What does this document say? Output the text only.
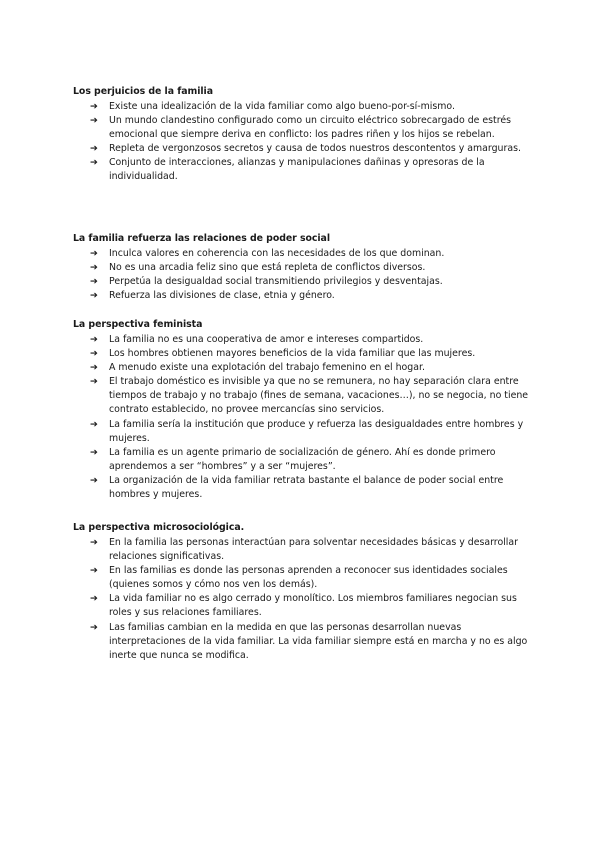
Los perjuicios de la familia
➔ Existe una idealización de la vida familiar como algo bueno-por-sí-mismo.
➔ Un mundo clandestino configurado como un circuito eléctrico sobrecargado de estrés emocional que siempre deriva en conflicto: los padres riñen y los hijos se rebelan.
➔ Repleta de vergonzosos secretos y causa de todos nuestros descontentos y amarguras.
➔ Conjunto de interacciones, alianzas y manipulaciones dañinas y opresoras de la individualidad.
La familia refuerza las relaciones de poder social
➔ Inculca valores en coherencia con las necesidades de los que dominan.
➔ No es una arcadia feliz sino que está repleta de conflictos diversos.
➔ Perpetúa la desigualdad social transmitiendo privilegios y desventajas.
➔ Refuerza las divisiones de clase, etnia y género.
La perspectiva feminista
➔ La familia no es una cooperativa de amor e intereses compartidos.
➔ Los hombres obtienen mayores beneficios de la vida familiar que las mujeres.
➔ A menudo existe una explotación del trabajo femenino en el hogar.
➔ El trabajo doméstico es invisible ya que no se remunera, no hay separación clara entre tiempos de trabajo y no trabajo (fines de semana, vacaciones…), no se negocia, no tiene contrato establecido, no provee mercancías sino servicios.
➔ La familia sería la institución que produce y refuerza las desigualdades entre hombres y mujeres.
➔ La familia es un agente primario de socialización de género. Ahí es donde primero aprendemos a ser “hombres” y a ser “mujeres”.
➔ La organización de la vida familiar retrata bastante el balance de poder social entre hombres y mujeres.
La perspectiva microsociológica.
➔ En la familia las personas interactúan para solventar necesidades básicas y desarrollar relaciones significativas.
➔ En las familias es donde las personas aprenden a reconocer sus identidades sociales (quienes somos y cómo nos ven los demás).
➔ La vida familiar no es algo cerrado y monolítico. Los miembros familiares negocian sus roles y sus relaciones familiares.
➔ Las familias cambian en la medida en que las personas desarrollan nuevas interpretaciones de la vida familiar. La vida familiar siempre está en marcha y no es algo inerte que nunca se modifica.
